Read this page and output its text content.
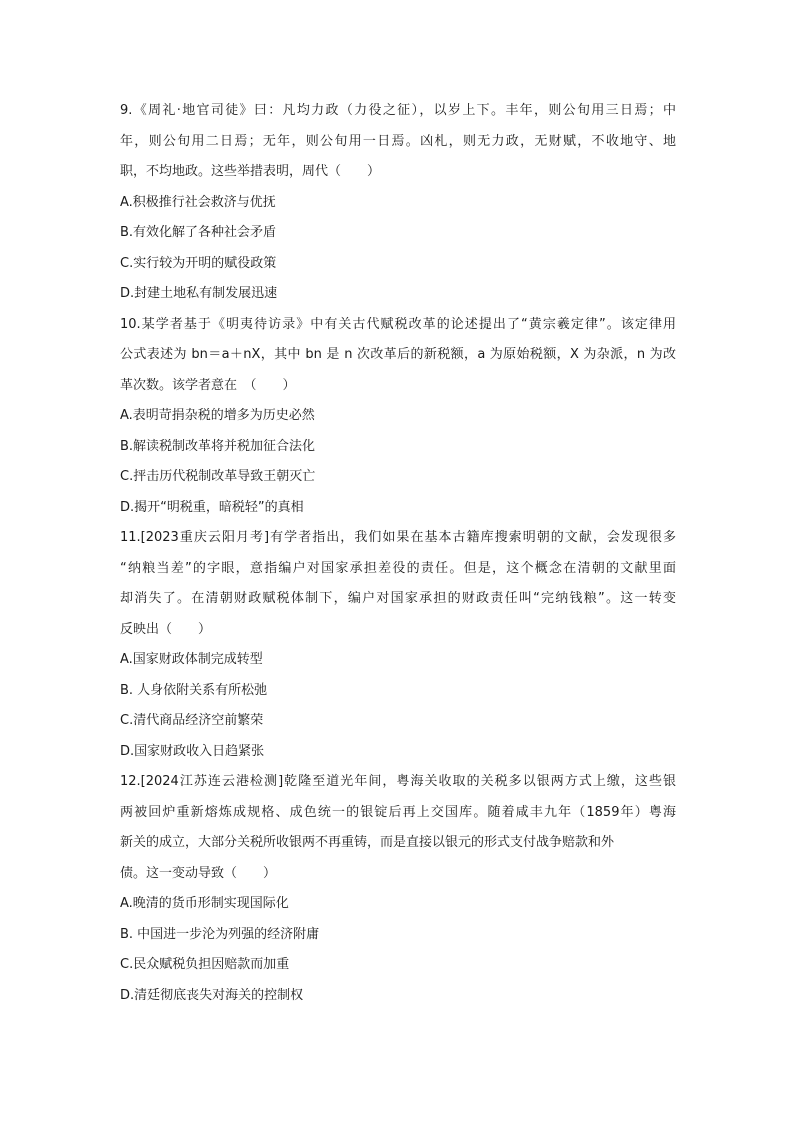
9.《周礼·地官司徒》曰：凡均力政（力役之征），以岁上下。丰年，则公旬用三日焉；中
年，则公旬用二日焉；无年，则公旬用一日焉。凶札，则无力政，无财赋，不收地守、地
职，不均地政。这些举措表明，周代（　　）
A.积极推行社会救济与优抚
B.有效化解了各种社会矛盾
C.实行较为开明的赋役政策
D.封建土地私有制发展迅速
10.某学者基于《明夷待访录》中有关古代赋税改革的论述提出了“黄宗羲定律”。该定律用
公式表述为 bn＝a＋nX，其中 bn 是 n 次改革后的新税额，a 为原始税额，X 为杂派，n 为改
革次数。该学者意在　（　　）
A.表明苛捐杂税的增多为历史必然
B.解读税制改革将并税加征合法化
C.抨击历代税制改革导致王朝灭亡
D.揭开“明税重，暗税轻”的真相
11.[2023重庆云阳月考]有学者指出，我们如果在基本古籍库搜索明朝的文献，会发现很多
“纳粮当差”的字眼，意指编户对国家承担差役的责任。但是，这个概念在清朝的文献里面
却消失了。在清朝财政赋税体制下，编户对国家承担的财政责任叫“完纳钱粮”。这一转变
反映出（　　）
A.国家财政体制完成转型
B. 人身依附关系有所松弛
C.清代商品经济空前繁荣
D.国家财政收入日趋紧张
12.[2024江苏连云港检测]乾隆至道光年间，粤海关收取的关税多以银两方式上缴，这些银
两被回炉重新熔炼成规格、成色统一的银锭后再上交国库。随着咸丰九年（1859年）粤海
新关的成立，大部分关税所收银两不再重铸，而是直接以银元的形式支付战争赔款和外
债。这一变动导致（　　）
A.晚清的货币形制实现国际化
B. 中国进一步沦为列强的经济附庸
C.民众赋税负担因赔款而加重
D.清廷彻底丧失对海关的控制权
